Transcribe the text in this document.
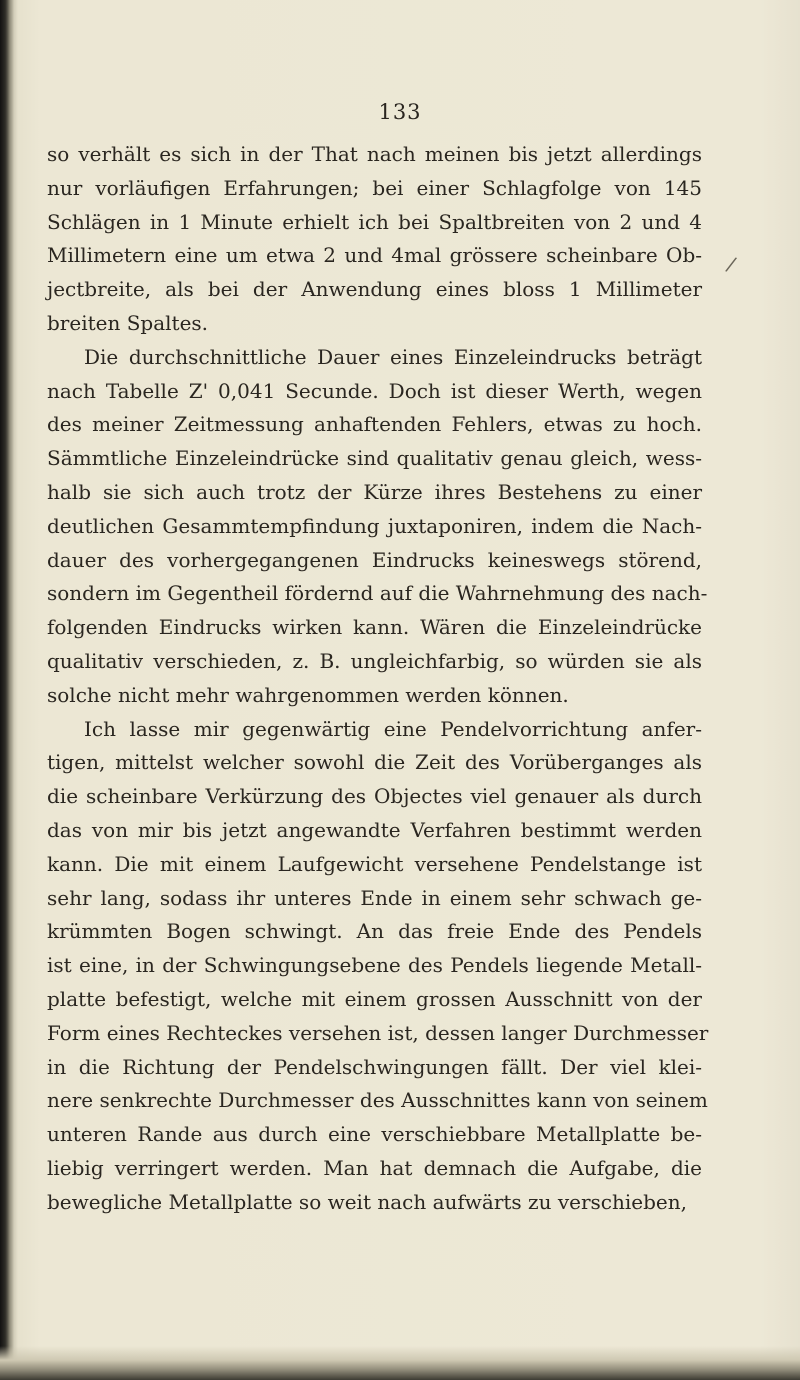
133
/
so verhält es sich in der That nach meinen bis jetzt allerdings
nur vorläufigen Erfahrungen; bei einer Schlagfolge von 145
Schlägen in 1 Minute erhielt ich bei Spaltbreiten von 2 und 4
Millimetern eine um etwa 2 und 4mal grössere scheinbare Ob-
jectbreite, als bei der Anwendung eines bloss 1 Millimeter
breiten Spaltes.
Die durchschnittliche Dauer eines Einzeleindrucks beträgt
nach Tabelle Z' 0,041 Secunde. Doch ist dieser Werth, wegen
des meiner Zeitmessung anhaftenden Fehlers, etwas zu hoch.
Sämmtliche Einzeleindrücke sind qualitativ genau gleich, wess-
halb sie sich auch trotz der Kürze ihres Bestehens zu einer
deutlichen Gesammtempfindung juxtaponiren, indem die Nach-
dauer des vorhergegangenen Eindrucks keineswegs störend,
sondern im Gegentheil fördernd auf die Wahrnehmung des nach-
folgenden Eindrucks wirken kann. Wären die Einzeleindrücke
qualitativ verschieden, z. B. ungleichfarbig, so würden sie als
solche nicht mehr wahrgenommen werden können.
Ich lasse mir gegenwärtig eine Pendelvorrichtung anfer-
tigen, mittelst welcher sowohl die Zeit des Vorüberganges als
die scheinbare Verkürzung des Objectes viel genauer als durch
das von mir bis jetzt angewandte Verfahren bestimmt werden
kann. Die mit einem Laufgewicht versehene Pendelstange ist
sehr lang, sodass ihr unteres Ende in einem sehr schwach ge-
krümmten Bogen schwingt. An das freie Ende des Pendels
ist eine, in der Schwingungsebene des Pendels liegende Metall-
platte befestigt, welche mit einem grossen Ausschnitt von der
Form eines Rechteckes versehen ist, dessen langer Durchmesser
in die Richtung der Pendelschwingungen fällt. Der viel klei-
nere senkrechte Durchmesser des Ausschnittes kann von seinem
unteren Rande aus durch eine verschiebbare Metallplatte be-
liebig verringert werden. Man hat demnach die Aufgabe, die
bewegliche Metallplatte so weit nach aufwärts zu verschieben,
